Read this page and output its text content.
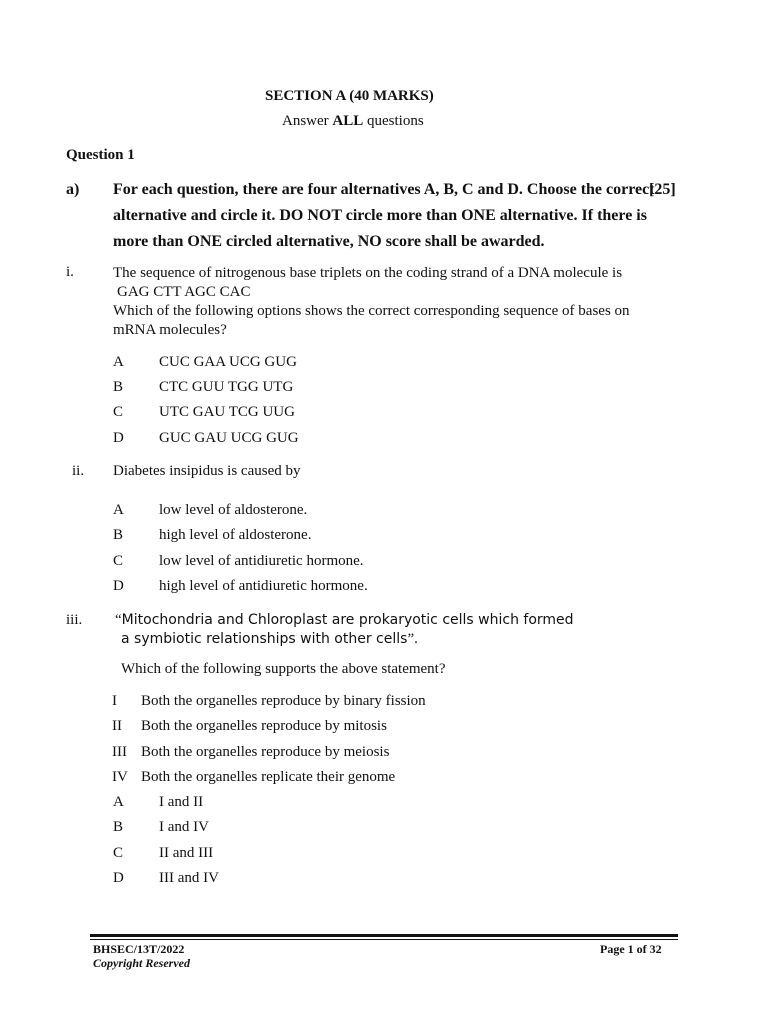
SECTION A (40 MARKS)
Answer ALL questions
Question 1
a) For each question, there are four alternatives A, B, C and D. Choose the correct
alternative and circle it. DO NOT circle more than ONE alternative. If there is
more than ONE circled alternative, NO score shall be awarded.
[25]
i.	The sequence of nitrogenous base triplets on the coding strand of a DNA molecule is
GAG CTT AGC CAC
Which of the following options shows the correct corresponding sequence of bases on
mRNA molecules?
A CUC GAA UCG GUG
B CTC GUU TGG UTG
C UTC GAU TCG UUG
D GUC GAU UCG GUG
ii. Diabetes insipidus is caused by
A low level of aldosterone.
B high level of aldosterone.
C low level of antidiuretic hormone.
D high level of antidiuretic hormone.
iii. “Mitochondria and Chloroplast are prokaryotic cells which formed
a symbiotic relationships with other cells”.
Which of the following supports the above statement?
I Both the organelles reproduce by binary fission
II Both the organelles reproduce by mitosis
III Both the organelles reproduce by meiosis
IV Both the organelles replicate their genome
A I and II
B I and IV
C II and III
D III and IV
BHSEC/13T/2022
Copyright Reserved
Page 1 of 32
